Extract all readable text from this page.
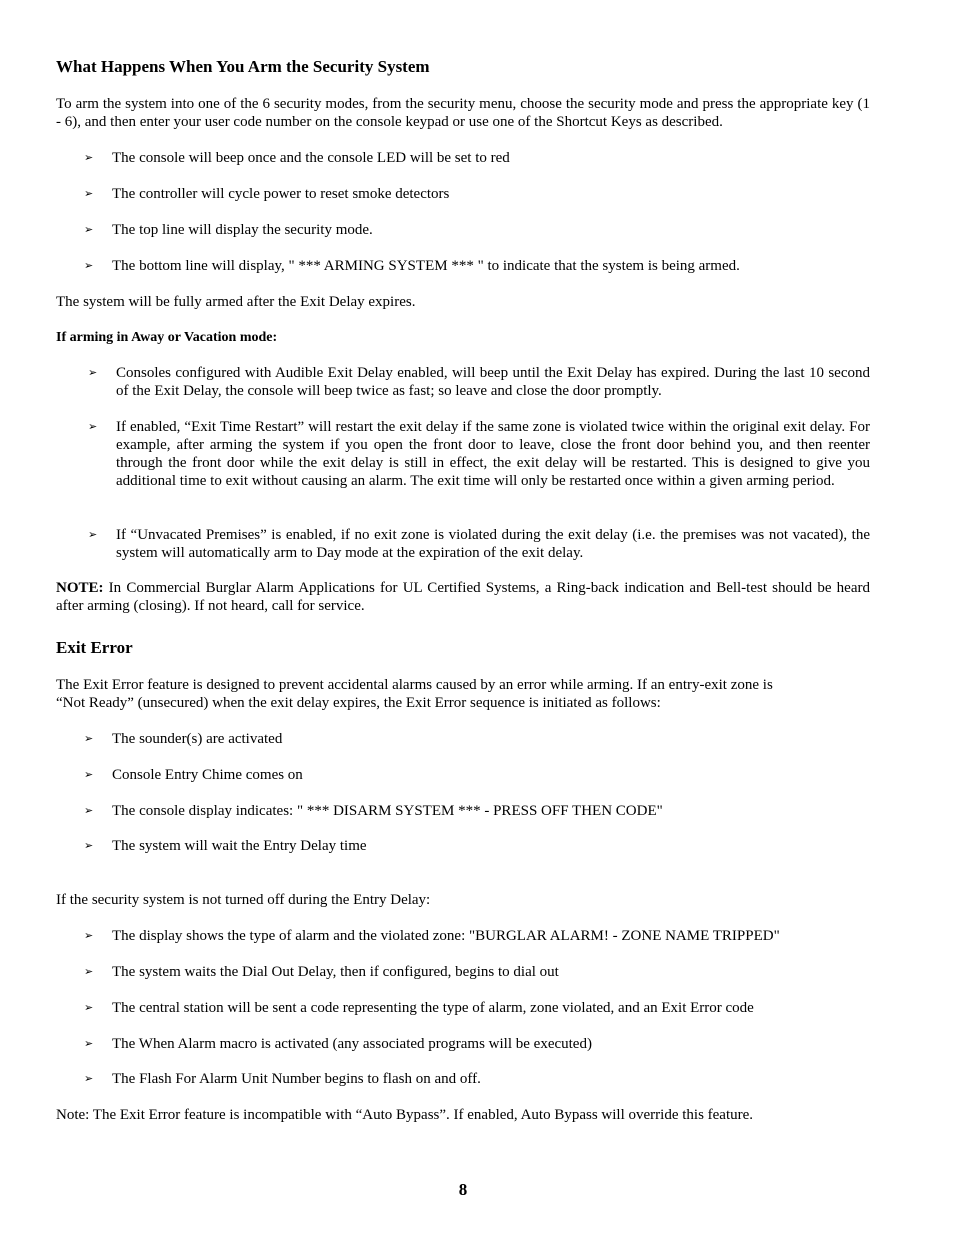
What Happens When You Arm the Security System

To arm the system into one of the 6 security modes, from the security menu, choose the security mode and press the appropriate key (1 - 6), and then enter your user code number on the console keypad or use one of the Shortcut Keys as described.

➢ The console will beep once and the console LED will be set to red
➢ The controller will cycle power to reset smoke detectors
➢ The top line will display the security mode.
➢ The bottom line will display, " *** ARMING SYSTEM *** " to indicate that the system is being armed.

The system will be fully armed after the Exit Delay expires.

If arming in Away or Vacation mode:

➢ Consoles configured with Audible Exit Delay enabled, will beep until the Exit Delay has expired. During the last 10 second of the Exit Delay, the console will beep twice as fast; so leave and close the door promptly.
➢ If enabled, “Exit Time Restart” will restart the exit delay if the same zone is violated twice within the original exit delay. For example, after arming the system if you open the front door to leave, close the front door behind you, and then reenter through the front door while the exit delay is still in effect, the exit delay will be restarted. This is designed to give you additional time to exit without causing an alarm. The exit time will only be restarted once within a given arming period.
➢ If “Unvacated Premises” is enabled, if no exit zone is violated during the exit delay (i.e. the premises was not vacated), the system will automatically arm to Day mode at the expiration of the exit delay.

NOTE: In Commercial Burglar Alarm Applications for UL Certified Systems, a Ring-back indication and Bell-test should be heard after arming (closing). If not heard, call for service.

Exit Error

The Exit Error feature is designed to prevent accidental alarms caused by an error while arming. If an entry-exit zone is

“Not Ready” (unsecured) when the exit delay expires, the Exit Error sequence is initiated as follows:

➢ The sounder(s) are activated
➢ Console Entry Chime comes on
➢ The console display indicates: " *** DISARM SYSTEM *** - PRESS OFF THEN CODE"
➢ The system will wait the Entry Delay time

If the security system is not turned off during the Entry Delay:

➢ The display shows the type of alarm and the violated zone: "BURGLAR ALARM! - ZONE NAME TRIPPED"
➢ The system waits the Dial Out Delay, then if configured, begins to dial out
➢ The central station will be sent a code representing the type of alarm, zone violated, and an Exit Error code
➢ The When Alarm macro is activated (any associated programs will be executed)
➢ The Flash For Alarm Unit Number begins to flash on and off.

Note: The Exit Error feature is incompatible with “Auto Bypass”. If enabled, Auto Bypass will override this feature.

8
